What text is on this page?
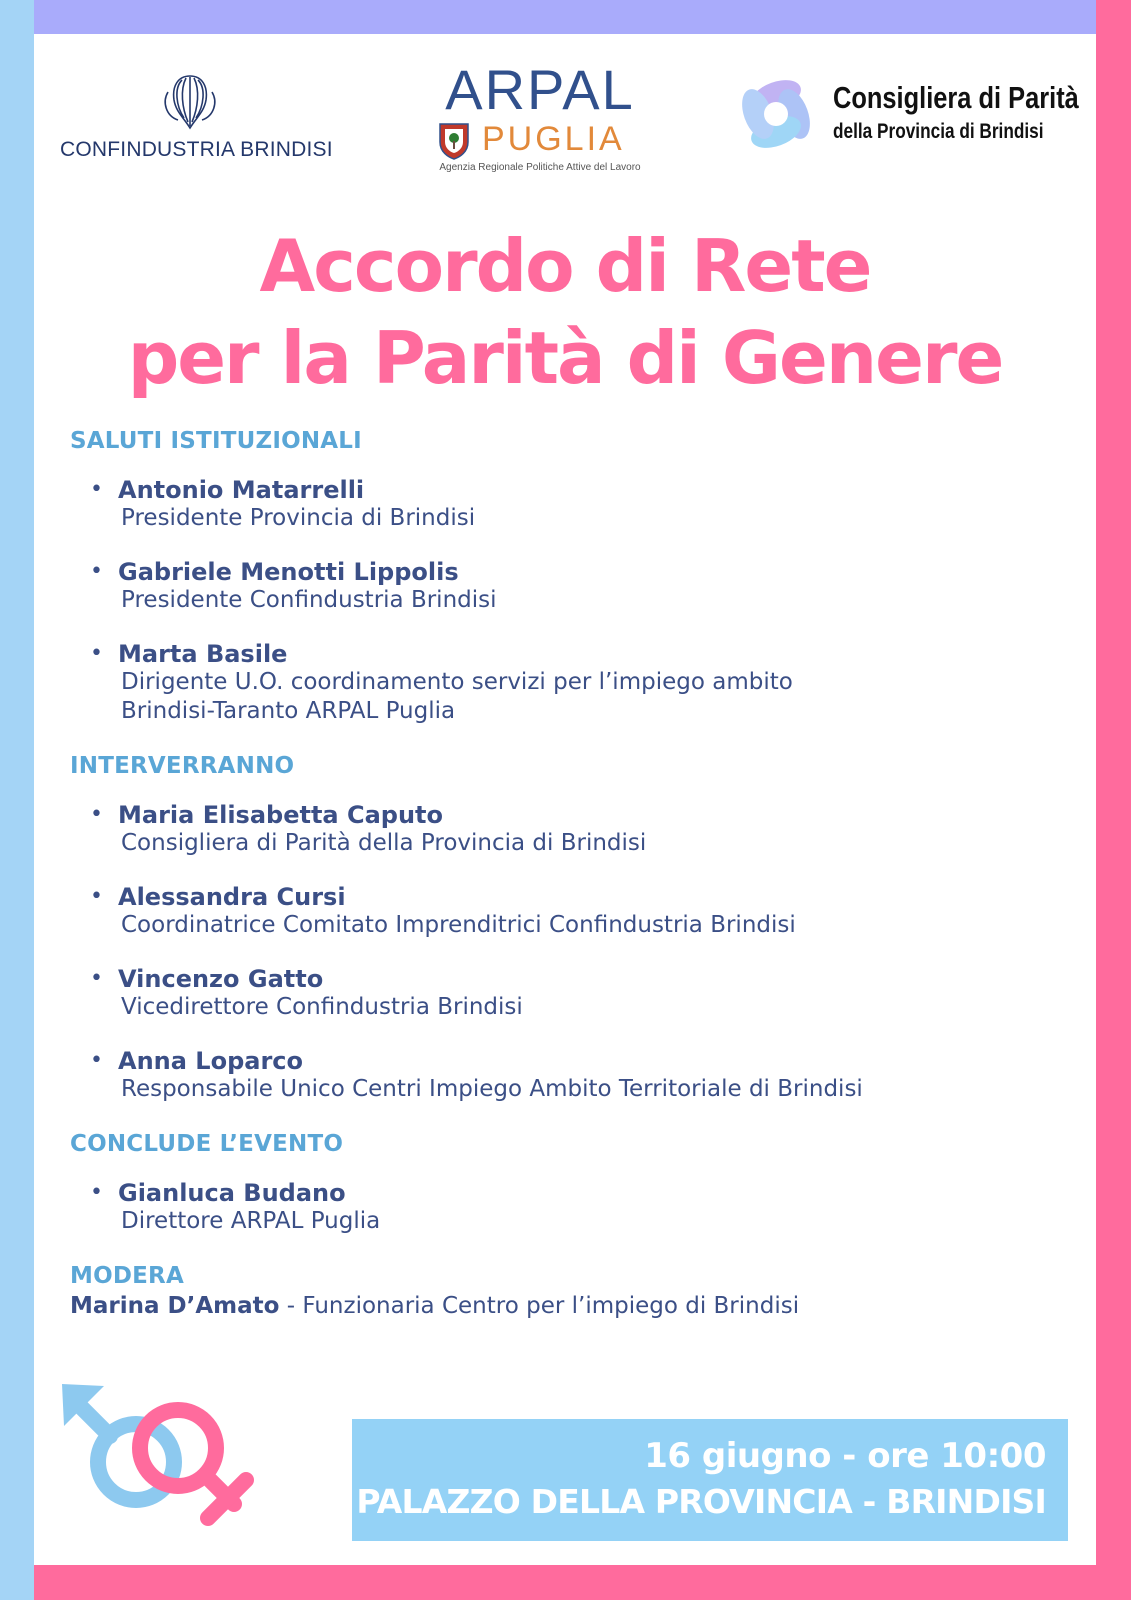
CONFINDUSTRIA BRINDISI
ARPAL
PUGLIA
Agenzia Regionale Politiche Attive del Lavoro
Consigliera di Parità
della Provincia di Brindisi
Accordo di Rete
per la Parità di Genere
SALUTI ISTITUZIONALI
• Antonio Matarrelli
Presidente Provincia di Brindisi
• Gabriele Menotti Lippolis
Presidente Confindustria Brindisi
• Marta Basile
Dirigente U.O. coordinamento servizi per l’impiego ambito
Brindisi-Taranto ARPAL Puglia
INTERVERRANNO
• Maria Elisabetta Caputo
Consigliera di Parità della Provincia di Brindisi
• Alessandra Cursi
Coordinatrice Comitato Imprenditrici Confindustria Brindisi
• Vincenzo Gatto
Vicedirettore Confindustria Brindisi
• Anna Loparco
Responsabile Unico Centri Impiego Ambito Territoriale di Brindisi
CONCLUDE L’EVENTO
• Gianluca Budano
Direttore ARPAL Puglia
MODERA
Marina D’Amato - Funzionaria Centro per l’impiego di Brindisi
16 giugno - ore 10:00
PALAZZO DELLA PROVINCIA - BRINDISI
